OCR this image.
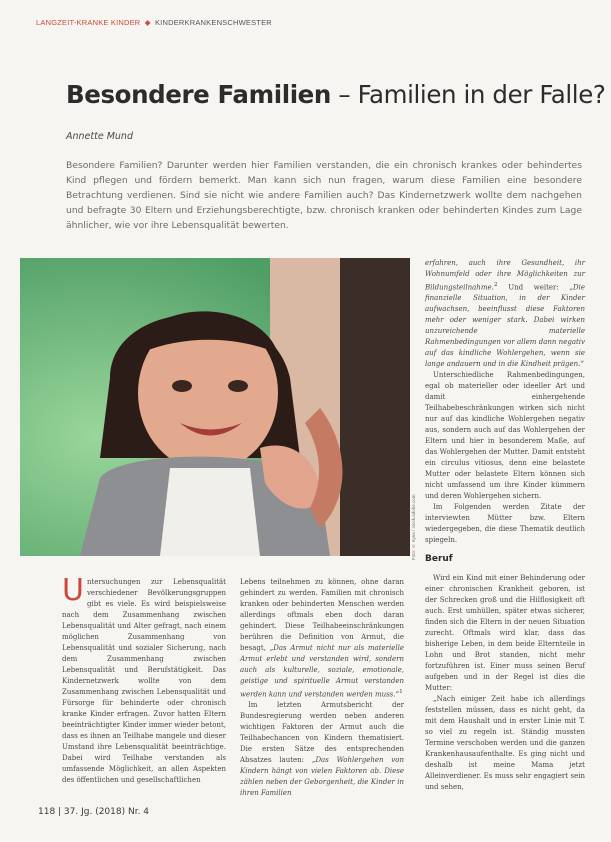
LANGZEIT-KRANKE KINDER ◆ KINDERKRANKENSCHWESTER
Besondere Familien – Familien in der Falle?
Annette Mund

Besondere Familien? Darunter werden hier Familien verstanden, die ein chronisch krankes oder behindertes Kind pflegen und fördern bemerkt. Man kann sich nun fragen, warum diese Familien eine besondere Betrachtung verdienen. Sind sie nicht wie andere Familien auch? Das Kindernetzwerk wollte dem nachgehen und befragte 30 Eltern und Erziehungsberechtigte, bzw. chronisch kranken oder behinderten Kindes zum Lage ähnlicher, wie vor ihre Lebensqualität bewerten.

Foto: © Iryna / stock.adobe.com

Untersuchungen zur Lebensqualität verschiedener Bevölkerungsgruppen gibt es viele. Es wird beispielsweise nach dem Zusammenhang zwischen Lebensqualität und Alter gefragt, nach einem möglichen Zusammenhang von Lebensqualität und sozialer Sicherung, nach dem Zusammenhang zwischen Lebensqualität und Berufstätigkeit. Das Kindernetzwerk wollte von dem Zusammenhang zwischen Lebensqualität und Fürsorge für behinderte oder chronisch kranke Kinder erfragen. Zuvor hatten Eltern beeinträchtigter Kinder immer wieder betont, dass es ihnen an Teilhabe mangele und dieser Umstand ihre Lebensqualität beeinträchtige. Dabei wird Teilhabe verstanden als umfassende Möglichkeit, an allen Aspekten des öffentlichen und gesellschaftlichen

Lebens teilnehmen zu können, ohne daran gehindert zu werden. Familien mit chronisch kranken oder behinderten Menschen werden allerdings oftmals eben doch daran gehindert. Diese Teilhabeeinschränkungen berühren die Definition von Armut, die besagt, „Das Armut nicht nur als materielle Armut erlebt und verstanden wird, sondern auch als kulturelle, soziale, emotionale, geistige und spirituelle Armut verstanden werden kann und verstanden werden muss.“$^1$

Im letzten Armutsbericht der Bundesregierung werden neben anderen wichtigen Faktoren der Armut auch die Teilhabechancen von Kindern thematisiert. Die ersten Sätze des entsprechenden Absatzes lauten: „Das Wohlergehen von Kindern hängt von vielen Faktoren ab. Diese zählen neben der Geborgenheit, die Kinder in ihren Familien

erfahren, auch ihre Gesundheit, ihr Wohnumfeld oder ihre Möglichkeiten zur Bildungsteilnahme.$^2$ Und weiter: „Die finanzielle Situation, in der Kinder aufwachsen, beeinflusst diese Faktoren mehr oder weniger stark. Dabei wirken unzureichende materielle Rahmenbedingungen vor allem dann negativ auf das kindliche Wohlergehen, wenn sie lange andauern und in die Kindheit prägen.“

Unterschiedliche Rahmenbedingungen, egal ob materieller oder ideeller Art und damit einhergehende Teilhabebeschränkungen wirken sich nicht nur auf das kindliche Wohlergehen negativ aus, sondern auch auf das Wohlergehen der Eltern und hier in besonderem Maße, auf das Wohlergehen der Mutter. Damit entsteht ein circulus vitiosus, denn eine belastete Mutter oder belastete Eltern können sich nicht umfassend um ihre Kinder kümmern und deren Wohlergehen sichern.

Im Folgenden werden Zitate der interviewten Mütter bzw. Eltern wiedergegeben, die diese Thematik deutlich spiegeln.

Beruf

Wird ein Kind mit einer Behinderung oder einer chronischen Krankheit geboren, ist der Schrecken groß und die Hilflosigkeit oft auch. Erst umhüllen, später etwas sicherer, finden sich die Eltern in der neuen Situation zurecht. Oftmals wird klar, dass das bisherige Leben, in dem beide Elternteile in Lohn und Brot standen, nicht mehr fortzuführen ist. Einer muss seinen Beruf aufgeben und in der Regel ist dies die Mutter:

„Nach einiger Zeit habe ich allerdings feststellen müssen, dass es nicht geht, da mit dem Haushalt und in erster Linie mit T. so viel zu regeln ist. Ständig mussten Termine verschoben werden und die ganzen Krankenhausaufenthalte. Es ging nicht und deshalb ist meine Mama jetzt Alleinverdiener. Es muss sehr engagiert sein und sehen,

118 | 37. Jg. (2018) Nr. 4
